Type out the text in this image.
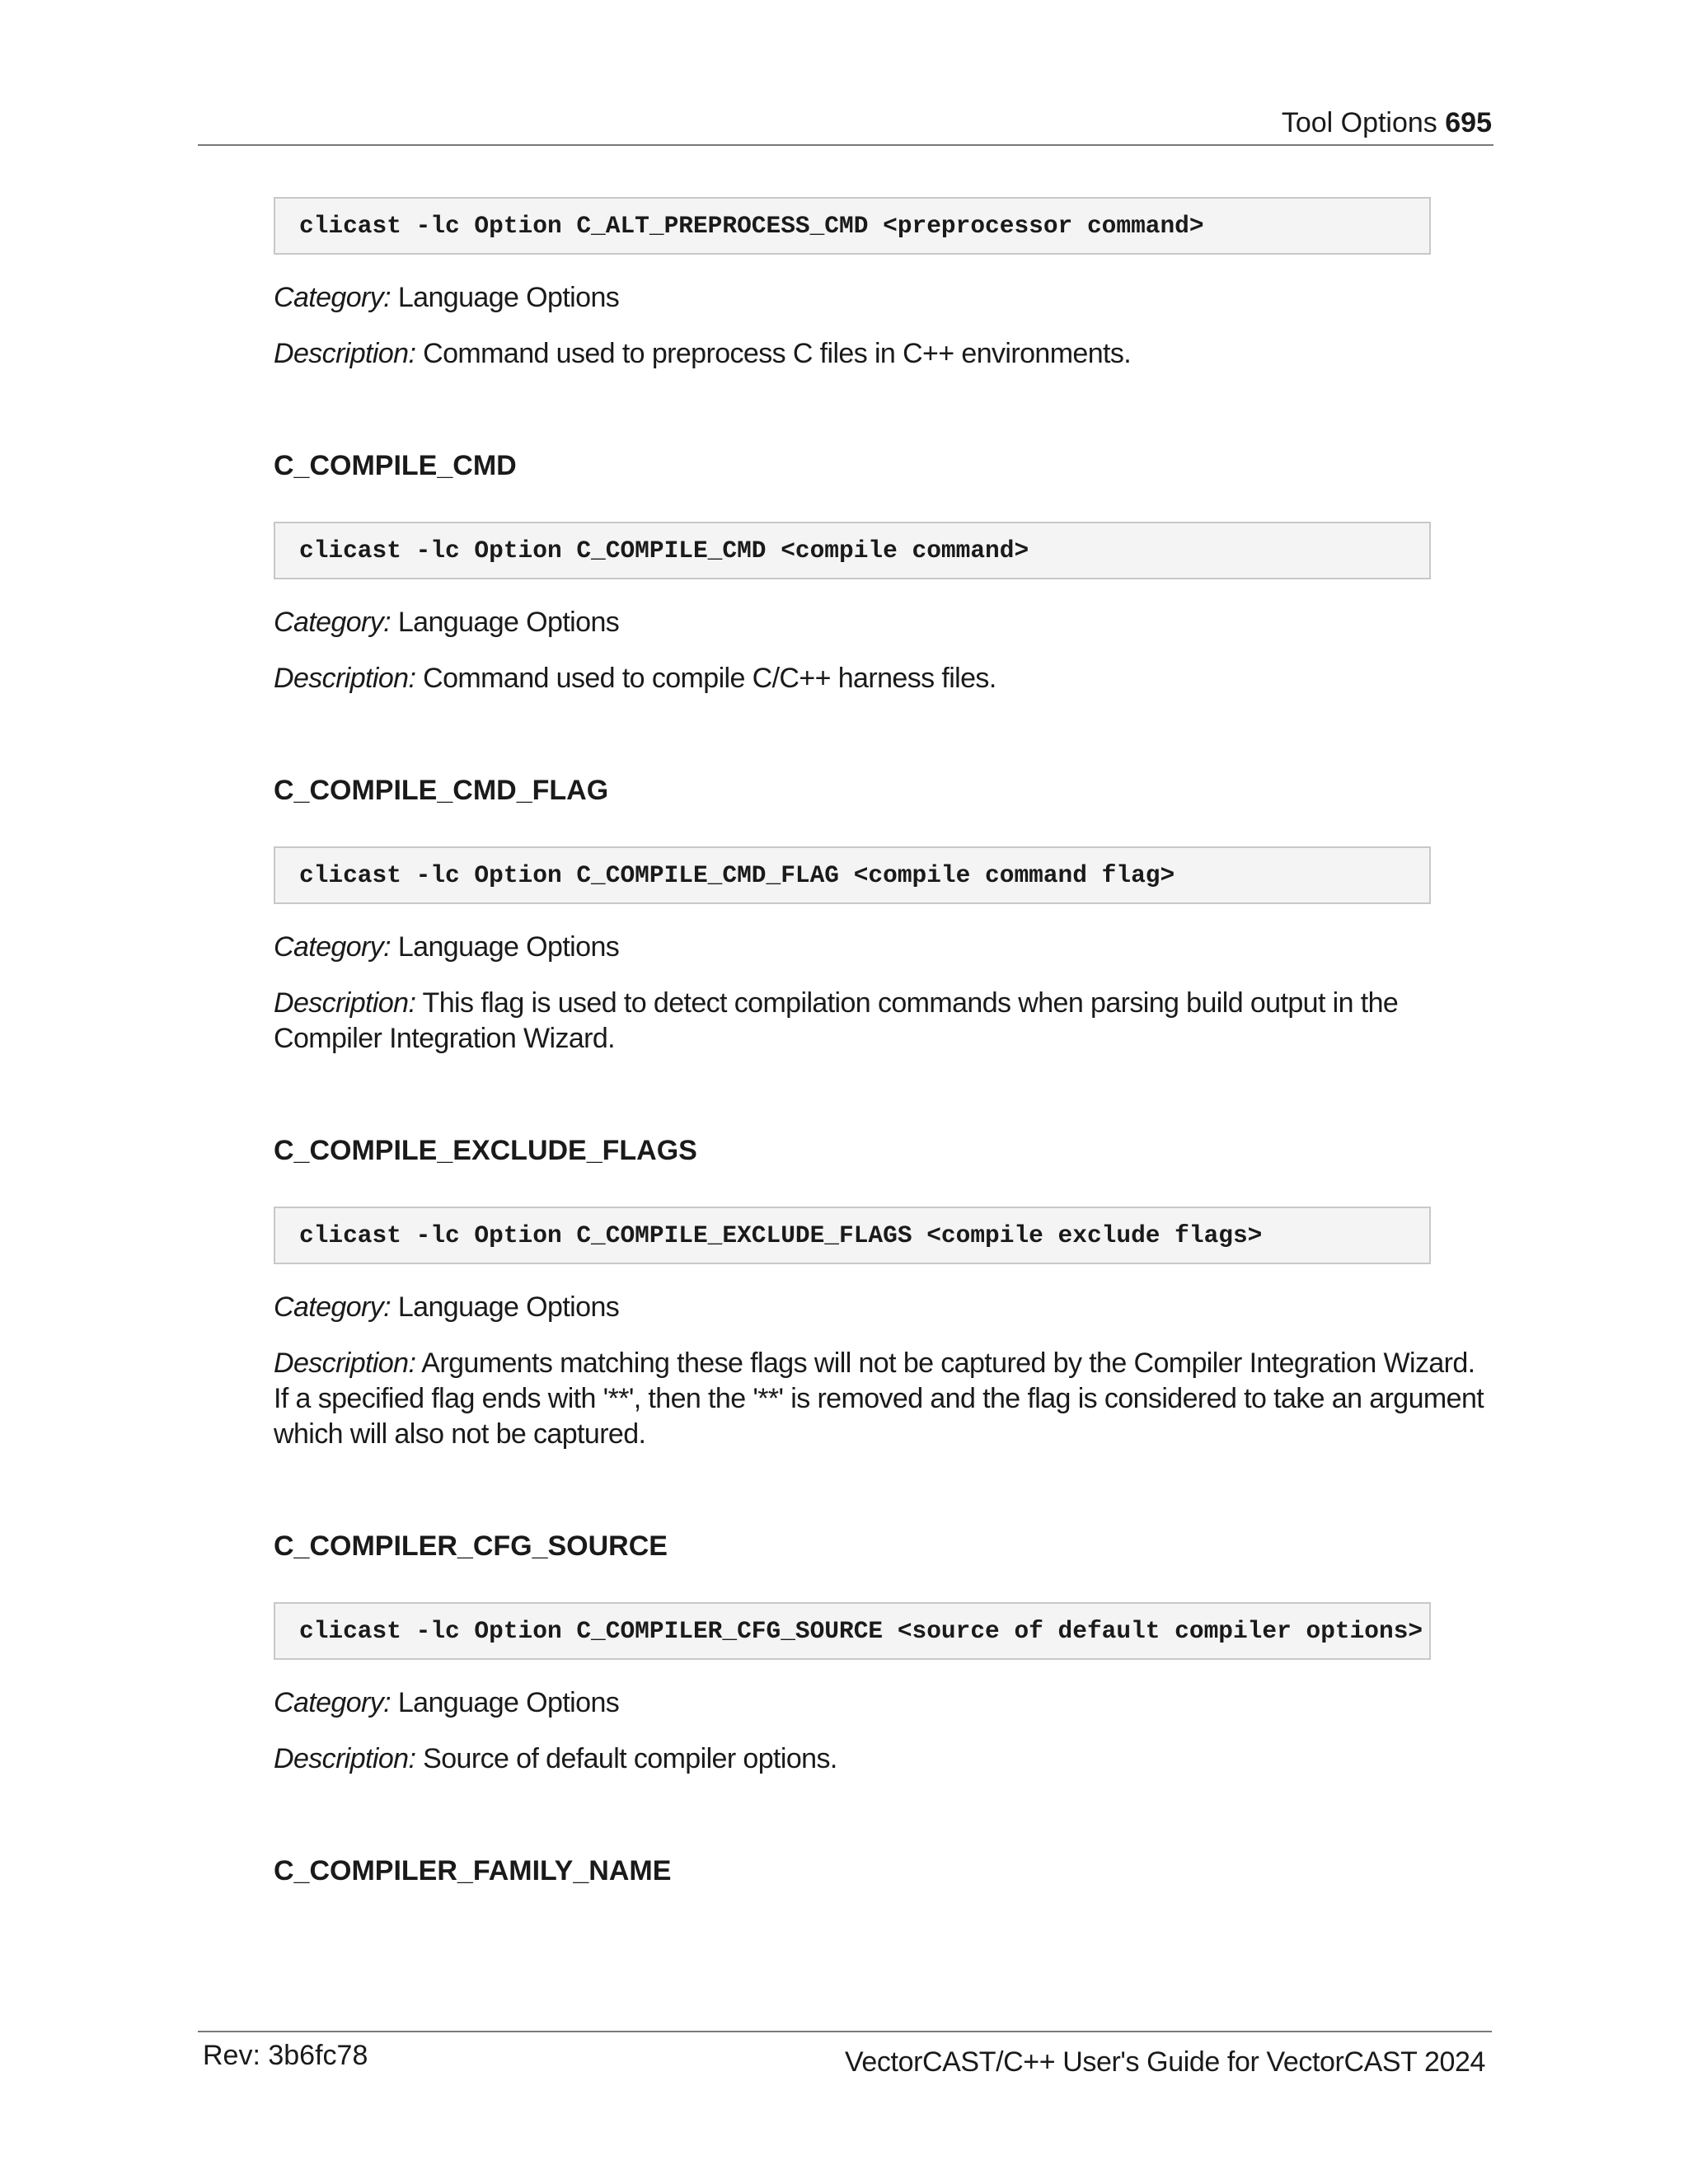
Tool Options 695
clicast -lc Option C_ALT_PREPROCESS_CMD <preprocessor command>
Category: Language Options
Description: Command used to preprocess C files in C++ environments.
C_COMPILE_CMD
clicast -lc Option C_COMPILE_CMD <compile command>
Category: Language Options
Description: Command used to compile C/C++ harness files.
C_COMPILE_CMD_FLAG
clicast -lc Option C_COMPILE_CMD_FLAG <compile command flag>
Category: Language Options
Description: This flag is used to detect compilation commands when parsing build output in the Compiler Integration Wizard.
C_COMPILE_EXCLUDE_FLAGS
clicast -lc Option C_COMPILE_EXCLUDE_FLAGS <compile exclude flags>
Category: Language Options
Description: Arguments matching these flags will not be captured by the Compiler Integration Wizard. If a specified flag ends with '**', then the '**' is removed and the flag is considered to take an argument which will also not be captured.
C_COMPILER_CFG_SOURCE
clicast -lc Option C_COMPILER_CFG_SOURCE <source of default compiler options>
Category: Language Options
Description: Source of default compiler options.
C_COMPILER_FAMILY_NAME
Rev: 3b6fc78	VectorCAST/C++ User's Guide for VectorCAST 2024
